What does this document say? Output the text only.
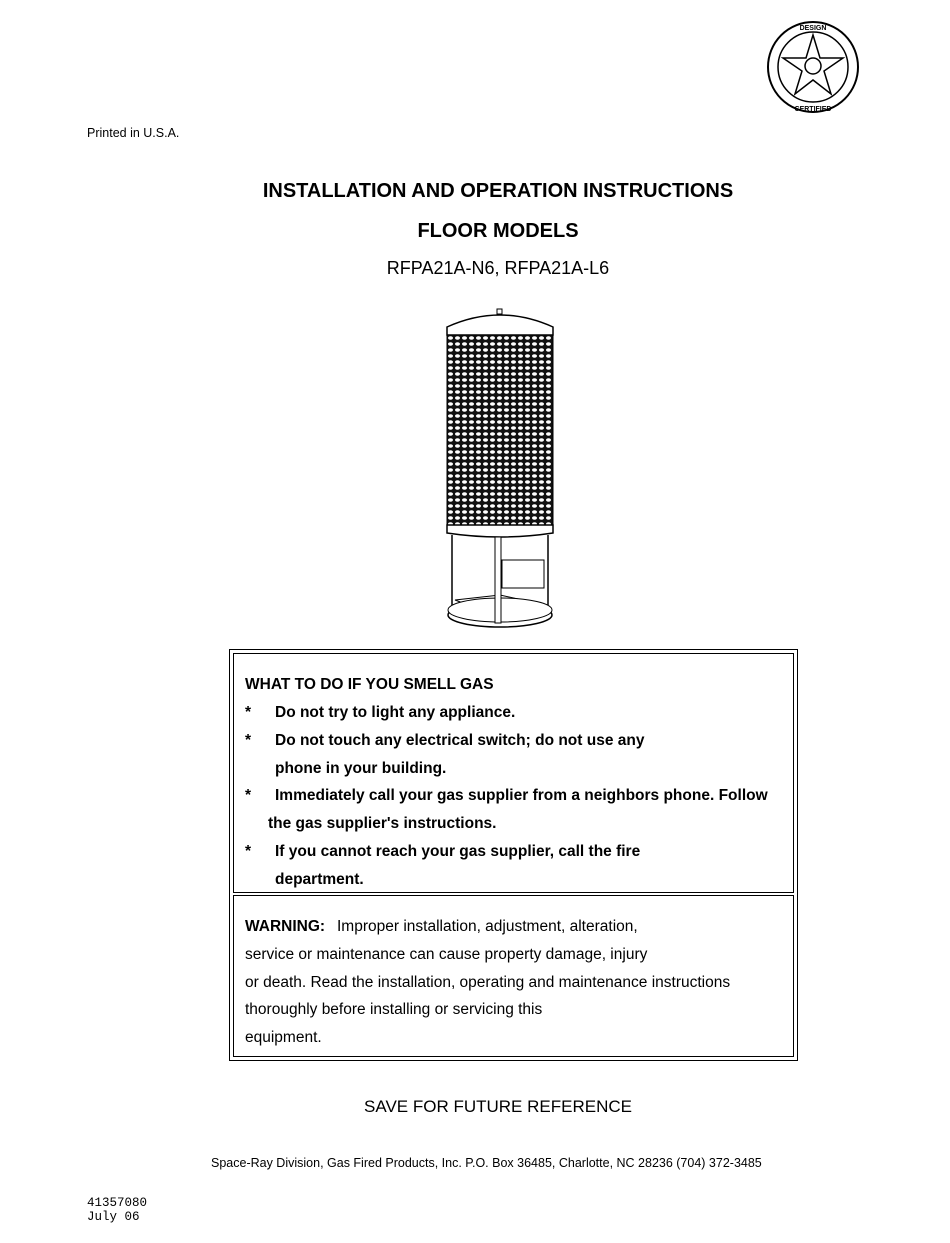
DESIGN
CERTIFIED
Printed in U.S.A.
INSTALLATION AND OPERATION INSTRUCTIONS
FLOOR MODELS
RFPA21A-N6, RFPA21A-L6
WHAT TO DO IF YOU SMELL GAS
* Do not try to light any appliance.
* Do not touch any electrical switch; do not use any
phone in your building.
* Immediately call your gas supplier from a neighbors phone. Follow
the gas supplier's instructions.
* If you cannot reach your gas supplier, call the fire
department.
WARNING: Improper installation, adjustment, alteration,
service or maintenance can cause property damage, injury
or death. Read the installation, operating and maintenance instructions
thoroughly before installing or servicing this
equipment.
SAVE FOR FUTURE REFERENCE
Space-Ray Division, Gas Fired Products, Inc. P.O. Box 36485, Charlotte, NC 28236 (704) 372-3485
41357080
July 06
